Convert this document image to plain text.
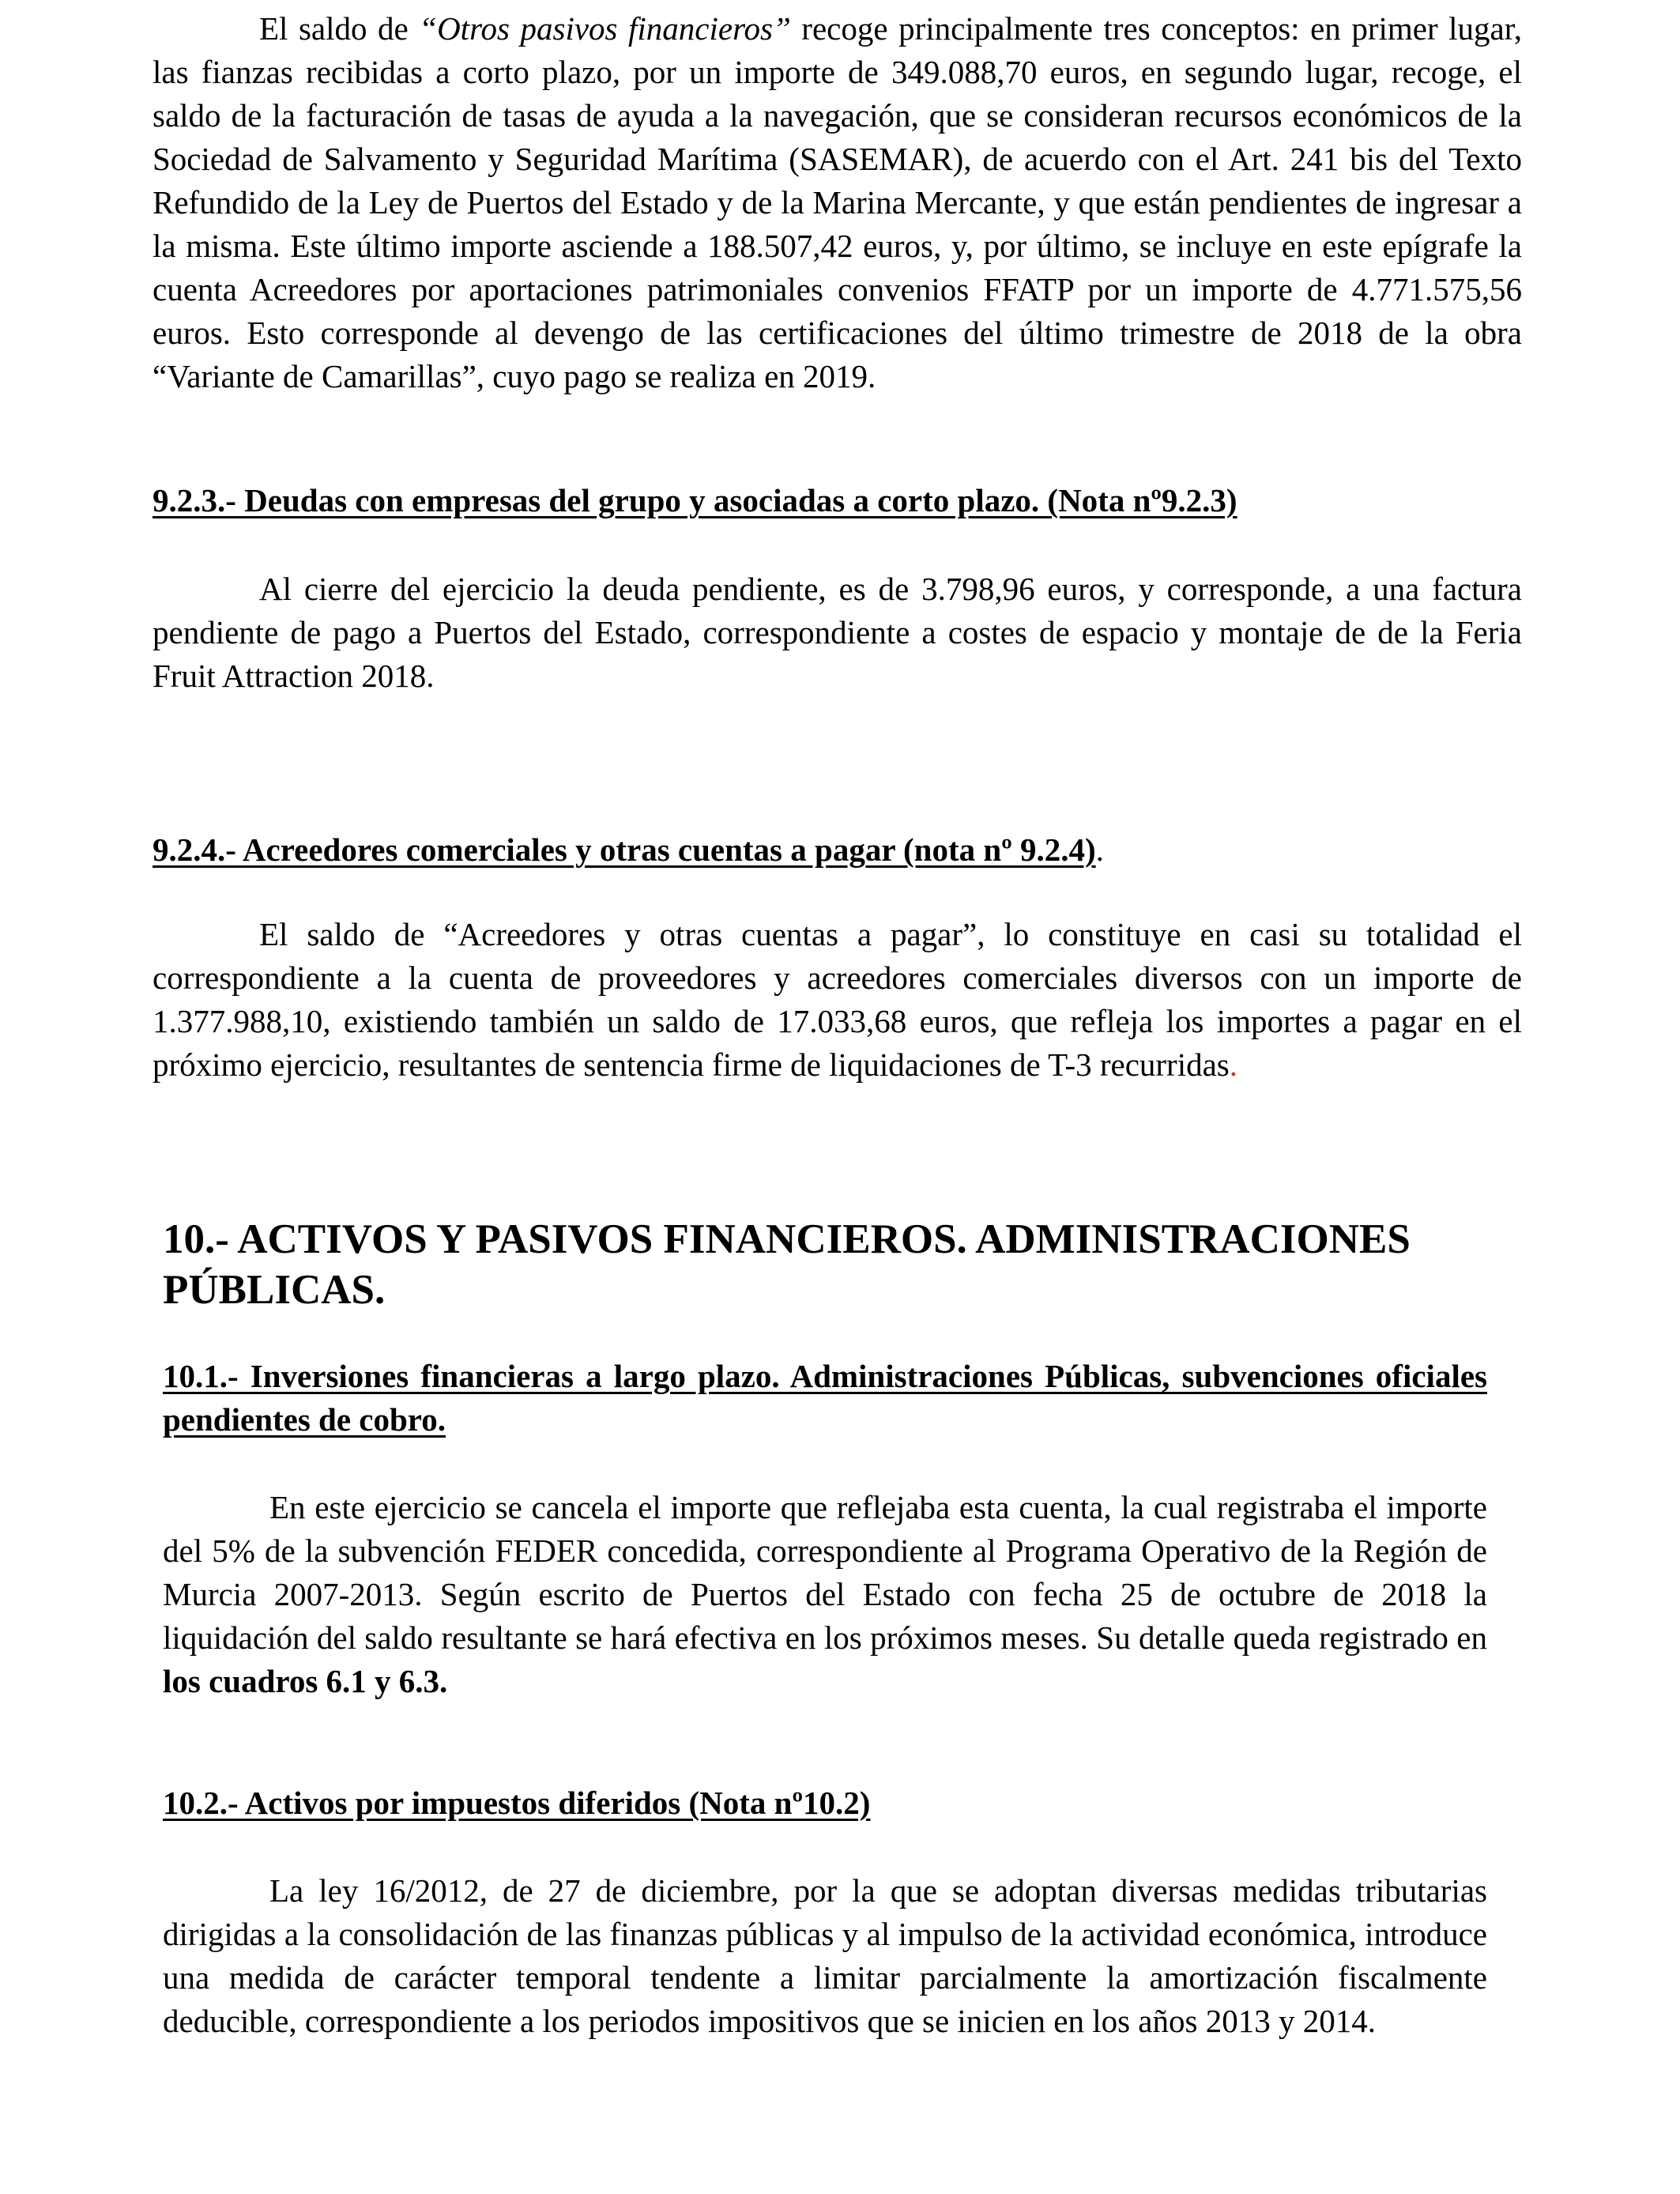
El saldo de “Otros pasivos financieros” recoge principalmente tres conceptos: en primer lugar, las fianzas recibidas a corto plazo, por un importe de 349.088,70 euros, en segundo lugar, recoge, el saldo de la facturación de tasas de ayuda a la navegación, que se consideran recursos económicos de la Sociedad de Salvamento y Seguridad Marítima (SASEMAR), de acuerdo con el Art. 241 bis del Texto Refundido de la Ley de Puertos del Estado y de la Marina Mercante, y que están pendientes de ingresar a la misma. Este último importe asciende a 188.507,42 euros, y, por último, se incluye en este epígrafe la cuenta Acreedores por aportaciones patrimoniales convenios FFATP por un importe de 4.771.575,56 euros. Esto corresponde al devengo de las certificaciones del último trimestre de 2018 de la obra “Variante de Camarillas”, cuyo pago se realiza en 2019.

9.2.3.- Deudas con empresas del grupo y asociadas a corto plazo. (Nota nº9.2.3)

Al cierre del ejercicio la deuda pendiente, es de 3.798,96 euros, y corresponde, a una factura pendiente de pago a Puertos del Estado, correspondiente a costes de espacio y montaje de de la Feria Fruit Attraction 2018.

9.2.4.- Acreedores comerciales y otras cuentas a pagar (nota nº 9.2.4).

El saldo de “Acreedores y otras cuentas a pagar”, lo constituye en casi su totalidad el correspondiente a la cuenta de proveedores y acreedores comerciales diversos con un importe de 1.377.988,10, existiendo también un saldo de 17.033,68 euros, que refleja los importes a pagar en el próximo ejercicio, resultantes de sentencia firme de liquidaciones de T-3 recurridas.

10.- ACTIVOS Y PASIVOS FINANCIEROS. ADMINISTRACIONES PÚBLICAS.

10.1.- Inversiones financieras a largo plazo. Administraciones Públicas, subvenciones oficiales pendientes de cobro.

En este ejercicio se cancela el importe que reflejaba esta cuenta, la cual registraba el importe del 5% de la subvención FEDER concedida, correspondiente al Programa Operativo de la Región de Murcia 2007-2013. Según escrito de Puertos del Estado con fecha 25 de octubre de 2018 la liquidación del saldo resultante se hará efectiva en los próximos meses. Su detalle queda registrado en los cuadros 6.1 y 6.3.

10.2.- Activos por impuestos diferidos (Nota nº10.2)

La ley 16/2012, de 27 de diciembre, por la que se adoptan diversas medidas tributarias dirigidas a la consolidación de las finanzas públicas y al impulso de la actividad económica, introduce una medida de carácter temporal tendente a limitar parcialmente la amortización fiscalmente deducible, correspondiente a los periodos impositivos que se inicien en los años 2013 y 2014.
